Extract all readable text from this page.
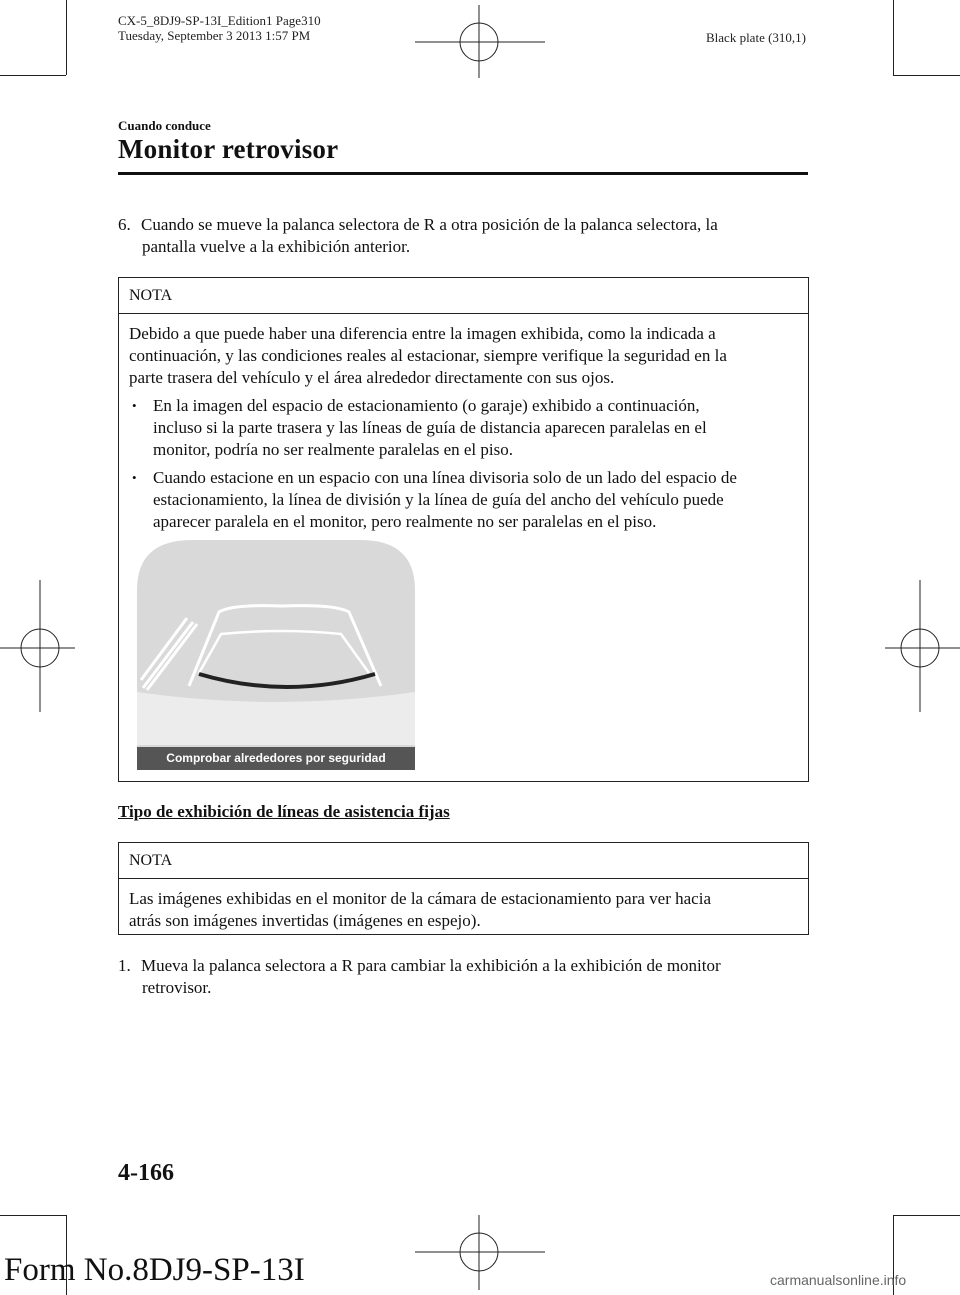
CX-5_8DJ9-SP-13I_Edition1 Page310
Tuesday, September 3 2013 1:57 PM	Black plate (310,1)
Cuando conduce
Monitor retrovisor
6. Cuando se mueve la palanca selectora de R a otra posición de la palanca selectora, la
pantalla vuelve a la exhibición anterior.
NOTA
Debido a que puede haber una diferencia entre la imagen exhibida, como la indicada a
continuación, y las condiciones reales al estacionar, siempre verifique la seguridad en la
parte trasera del vehículo y el área alrededor directamente con sus ojos.
• En la imagen del espacio de estacionamiento (o garaje) exhibido a continuación,
incluso si la parte trasera y las líneas de guía de distancia aparecen paralelas en el
monitor, podría no ser realmente paralelas en el piso.
• Cuando estacione en un espacio con una línea divisoria solo de un lado del espacio de
estacionamiento, la línea de división y la línea de guía del ancho del vehículo puede
aparecer paralela en el monitor, pero realmente no ser paralelas en el piso.
Comprobar alrededores por seguridad
Tipo de exhibición de líneas de asistencia fijas
NOTA
Las imágenes exhibidas en el monitor de la cámara de estacionamiento para ver hacia
atrás son imágenes invertidas (imágenes en espejo).
1. Mueva la palanca selectora a R para cambiar la exhibición a la exhibición de monitor
retrovisor.
4-166
Form No.8DJ9-SP-13I	carmanualsonline.info
